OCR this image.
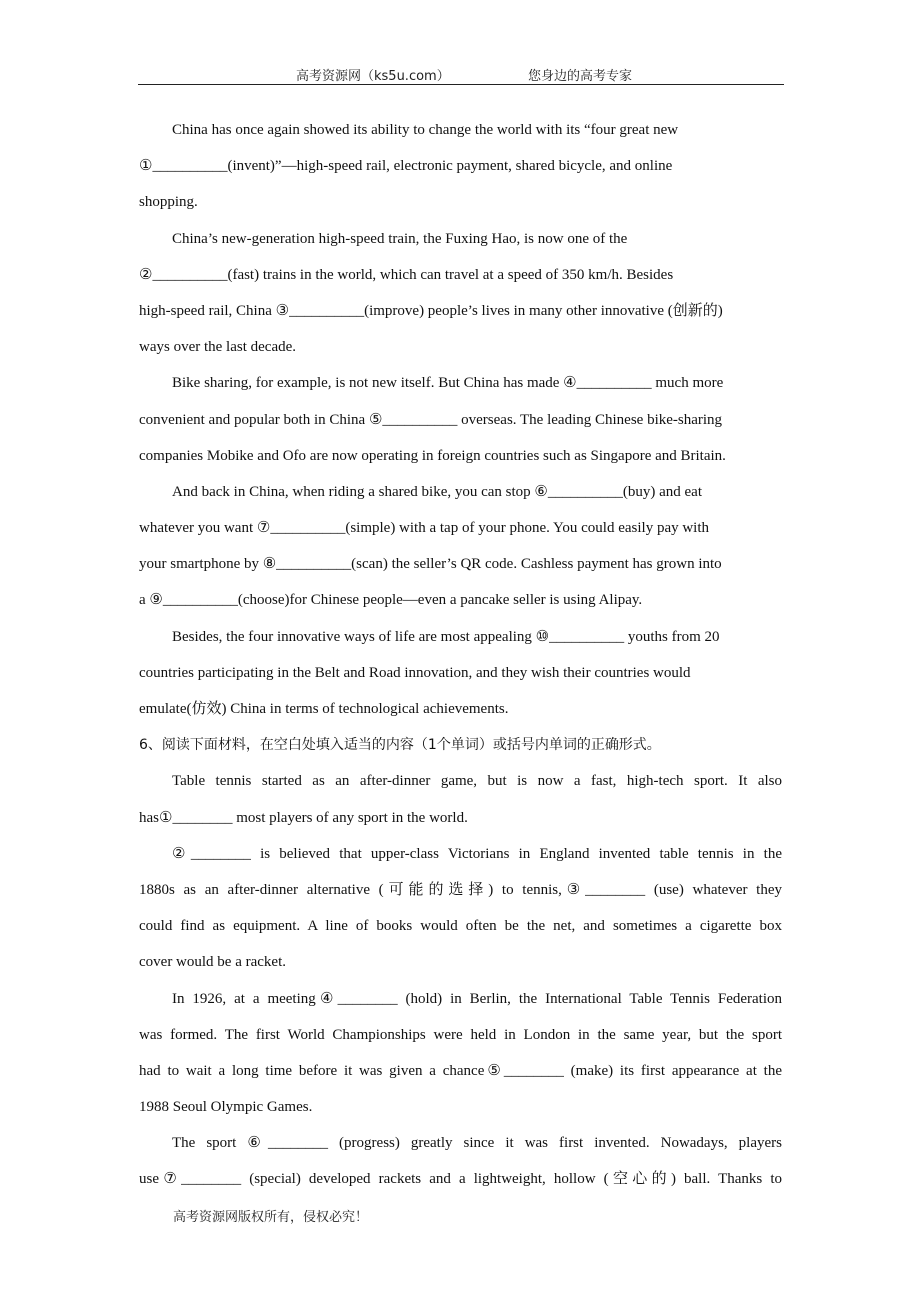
高考资源网（ks5u.com）	您身边的高考专家
China has once again showed its ability to change the world with its “four great new
①__________(invent)”—high-speed rail, electronic payment, shared bicycle, and online
shopping.
China’s new-generation high-speed train, the Fuxing Hao, is now one of the
②__________(fast) trains in the world, which can travel at a speed of 350 km/h. Besides
high-speed rail, China ③__________(improve) people’s lives in many other innovative (创新的)
ways over the last decade.
Bike sharing, for example, is not new itself. But China has made ④__________ much more
convenient and popular both in China ⑤__________ overseas. The leading Chinese bike-sharing
companies Mobike and Ofo are now operating in foreign countries such as Singapore and Britain.
And back in China, when riding a shared bike, you can stop ⑥__________(buy) and eat
whatever you want ⑦__________(simple) with a tap of your phone. You could easily pay with
your smartphone by ⑧__________(scan) the seller’s QR code. Cashless payment has grown into
a ⑨__________(choose)for Chinese people—even a pancake seller is using Alipay.
Besides, the four innovative ways of life are most appealing ⑩__________ youths from 20
countries participating in the Belt and Road innovation, and they wish their countries would
emulate(仿效) China in terms of technological achievements.
6、阅读下面材料，在空白处填入适当的内容（1个单词）或括号内单词的正确形式。
Table tennis started as an after-dinner game, but is now a fast, high-tech sport. It also
has①________ most players of any sport in the world.
②________ is believed that upper-class Victorians in England invented table tennis in the
1880s as an after-dinner alternative (可能的选择) to tennis,③________ (use) whatever they
could find as equipment. A line of books would often be the net, and sometimes a cigarette box
cover would be a racket.
In 1926, at a meeting④________ (hold) in Berlin, the International Table Tennis Federation
was formed. The first World Championships were held in London in the same year, but the sport
had to wait a long time before it was given a chance⑤________ (make) its first appearance at the
1988 Seoul Olympic Games.
The sport ⑥________ (progress) greatly since it was first invented. Nowadays, players
use⑦________ (special) developed rackets and a lightweight, hollow (空心的) ball. Thanks to
高考资源网版权所有，侵权必究！
